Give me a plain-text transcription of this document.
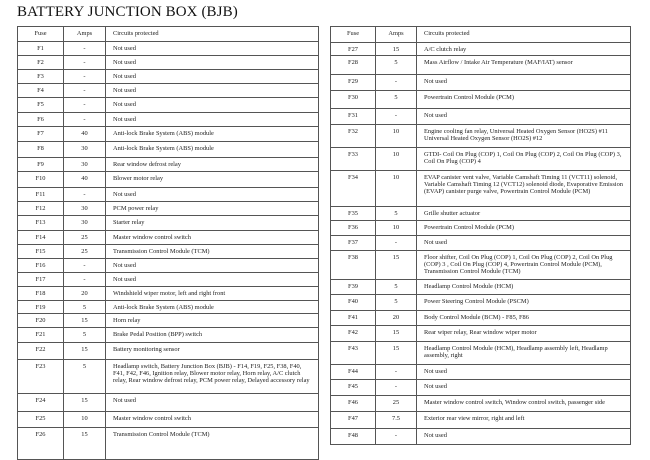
BATTERY JUNCTION BOX (BJB)
Fuse	Amps	Circuits protected
F1	-	Not used
F2	-	Not used
F3	-	Not used
F4	-	Not used
F5	-	Not used
F6	-	Not used
F7	40	Anti-lock Brake System (ABS) module
F8	30	Anti-lock Brake System (ABS) module
F9	30	Rear window defrost relay
F10	40	Blower motor relay
F11	-	Not used
F12	30	PCM power relay
F13	30	Starter relay
F14	25	Master window control switch
F15	25	Transmission Control Module (TCM)
F16	-	Not used
F17	-	Not used
F18	20	Windshield wiper motor, left and right front
F19	5	Anti-lock Brake System (ABS) module
F20	15	Horn relay
F21	5	Brake Pedal Position (BPP) switch
F22	15	Battery monitoring sensor
F23	5	Headlamp switch, Battery Junction Box (BJB) - F14, F19, F25, F38, F40, F41, F42, F46, Ignition relay, Blower motor relay, Horn relay, A/C clutch relay, Rear window defrost relay, PCM power relay, Delayed accessory relay
F24	15	Not used
F25	10	Master window control switch
F26	15	Transmission Control Module (TCM)
Fuse	Amps	Circuits protected
F27	15	A/C clutch relay
F28	5	Mass Airflow / Intake Air Temperature (MAF/IAT) sensor
F29	-	Not used
F30	5	Powertrain Control Module (PCM)
F31	-	Not used
F32	10	Engine cooling fan relay, Universal Heated Oxygen Sensor (HO2S) #11 Universal Heated Oxygen Sensor (HO2S) #12
F33	10	GTDI- Coil On Plug (COP) 1, Coil On Plug (COP) 2, Coil On Plug (COP) 3, Coil On Plug (COP) 4
F34	10	EVAP canister vent valve, Variable Camshaft Timing 11 (VCT11) solenoid, Variable Camshaft Timing 12 (VCT12) solenoid diode, Evaporative Emission (EVAP) canister purge valve, Powertrain Control Module (PCM)
F35	5	Grille shutter actuator
F36	10	Powertrain Control Module (PCM)
F37	-	Not used
F38	15	Floor shifter, Coil On Plug (COP) 1, Coil On Plug (COP) 2, Coil On Plug (COP) 3 , Coil On Plug (COP) 4, Powertrain Control Module (PCM), Transmission Control Module (TCM)
F39	5	Headlamp Control Module (HCM)
F40	5	Power Steering Control Module (PSCM)
F41	20	Body Control Module (BCM) - F85, F86
F42	15	Rear wiper relay, Rear window wiper motor
F43	15	Headlamp Control Module (HCM), Headlamp assembly left, Headlamp assembly, right
F44	-	Not used
F45	-	Not used
F46	25	Master window control switch, Window control switch, passenger side
F47	7.5	Exterior rear view mirror, right and left
F48	-	Not used
